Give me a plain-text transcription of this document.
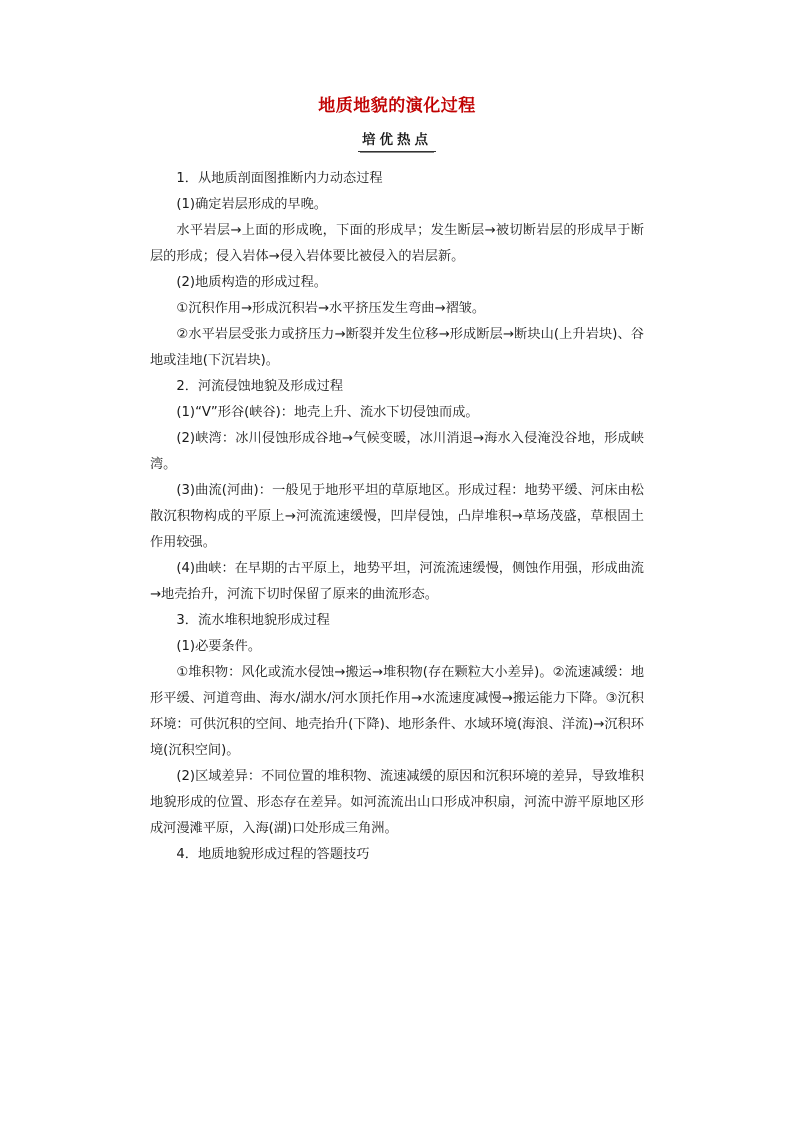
地质地貌的演化过程
培优热点

1．从地质剖面图推断内力动态过程

(1)确定岩层形成的早晚。

水平岩层→上面的形成晚，下面的形成早；发生断层→被切断岩层的形成早于断层的形成；侵入岩体→侵入岩体要比被侵入的岩层新。

(2)地质构造的形成过程。

①沉积作用→形成沉积岩→水平挤压发生弯曲→褶皱。

②水平岩层受张力或挤压力→断裂并发生位移→形成断层→断块山(上升岩块)、谷地或洼地(下沉岩块)。

2．河流侵蚀地貌及形成过程

(1)“V”形谷(峡谷)：地壳上升、流水下切侵蚀而成。

(2)峡湾：冰川侵蚀形成谷地→气候变暖，冰川消退→海水入侵淹没谷地，形成峡湾。

(3)曲流(河曲)：一般见于地形平坦的草原地区。形成过程：地势平缓、河床由松散沉积物构成的平原上→河流流速缓慢，凹岸侵蚀，凸岸堆积→草场茂盛，草根固土作用较强。

(4)曲峡：在早期的古平原上，地势平坦，河流流速缓慢，侧蚀作用强，形成曲流→地壳抬升，河流下切时保留了原来的曲流形态。

3．流水堆积地貌形成过程

(1)必要条件。

①堆积物：风化或流水侵蚀→搬运→堆积物(存在颗粒大小差异)。②流速减缓：地形平缓、河道弯曲、海水/湖水/河水顶托作用→水流速度减慢→搬运能力下降。③沉积环境：可供沉积的空间、地壳抬升(下降)、地形条件、水域环境(海浪、洋流)→沉积环境(沉积空间)。

(2)区域差异：不同位置的堆积物、流速减缓的原因和沉积环境的差异，导致堆积地貌形成的位置、形态存在差异。如河流流出山口形成冲积扇，河流中游平原地区形成河漫滩平原，入海(湖)口处形成三角洲。

4．地质地貌形成过程的答题技巧
